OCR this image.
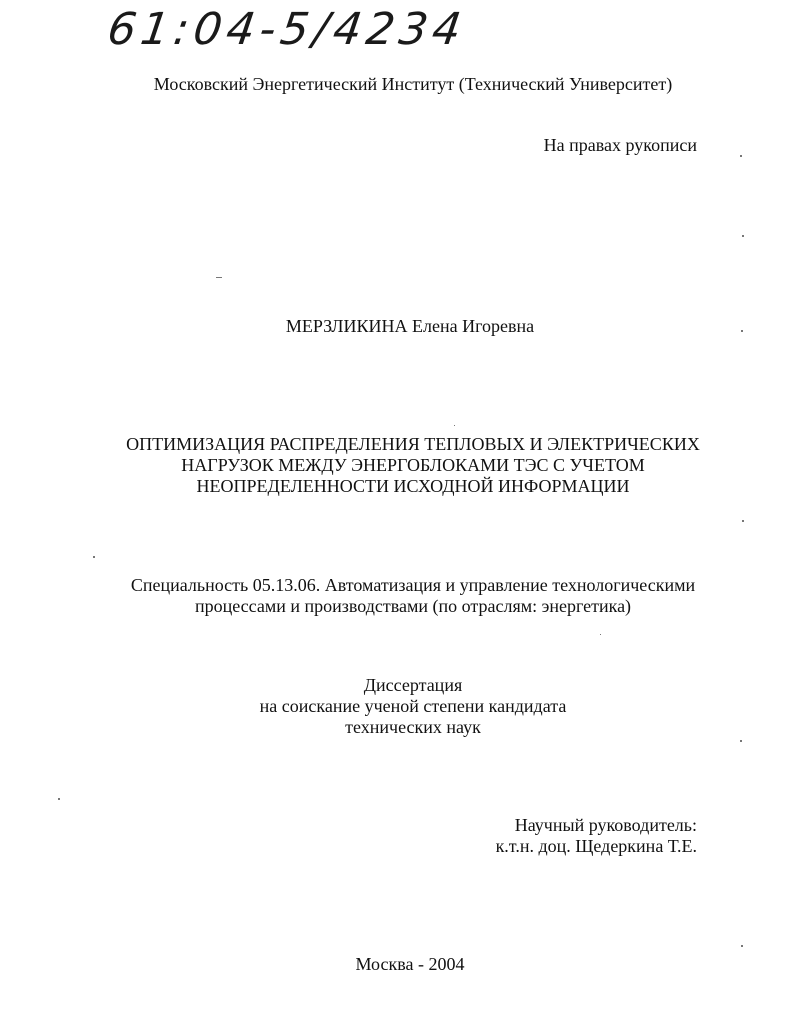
61:04-5/4234
Московский Энергетический Институт (Технический Университет)
На правах рукописи
МЕРЗЛИКИНА Елена Игоревна
ОПТИМИЗАЦИЯ РАСПРЕДЕЛЕНИЯ ТЕПЛОВЫХ И ЭЛЕКТРИЧЕСКИХ
НАГРУЗОК МЕЖДУ ЭНЕРГОБЛОКАМИ ТЭС С УЧЕТОМ
НЕОПРЕДЕЛЕННОСТИ ИСХОДНОЙ ИНФОРМАЦИИ
Специальность 05.13.06. Автоматизация и управление технологическими
процессами и производствами (по отраслям: энергетика)
Диссертация
на соискание ученой степени кандидата
технических наук
Научный руководитель:
к.т.н. доц. Щедеркина Т.Е.
Москва - 2004
